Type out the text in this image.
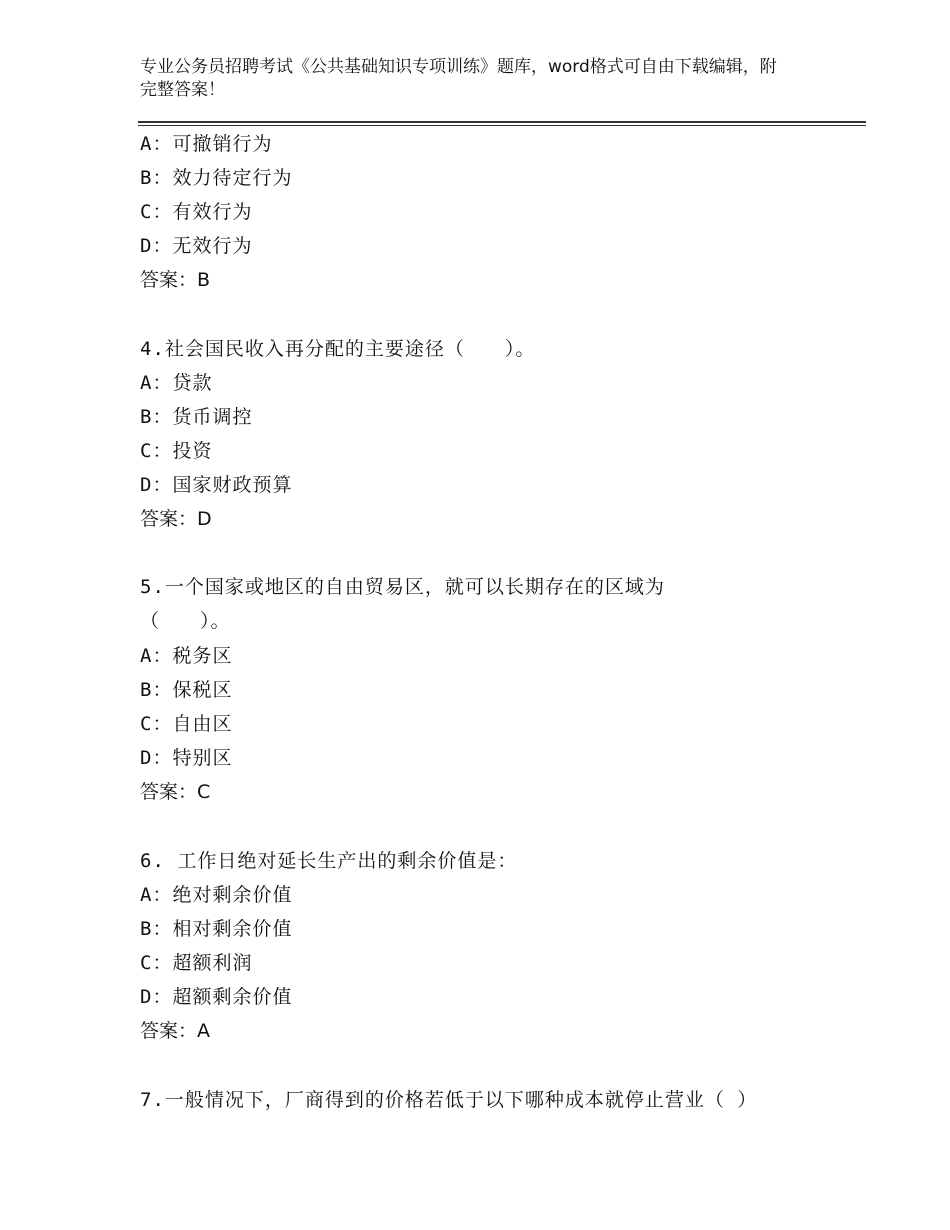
专业公务员招聘考试《公共基础知识专项训练》题库，word格式可自由下载编辑，附完整答案！
A：可撤销行为
B：效力待定行为
C：有效行为
D：无效行为
答案：B
4.社会国民收入再分配的主要途径（　　）。
A：贷款
B：货币调控
C：投资
D：国家财政预算
答案：D
5.一个国家或地区的自由贸易区，就可以长期存在的区域为
（　　）。
A：税务区
B：保税区
C：自由区
D：特别区
答案：C
6. 工作日绝对延长生产出的剩余价值是：
A：绝对剩余价值
B：相对剩余价值
C：超额利润
D：超额剩余价值
答案：A
7.一般情况下，厂商得到的价格若低于以下哪种成本就停止营业（ ）
